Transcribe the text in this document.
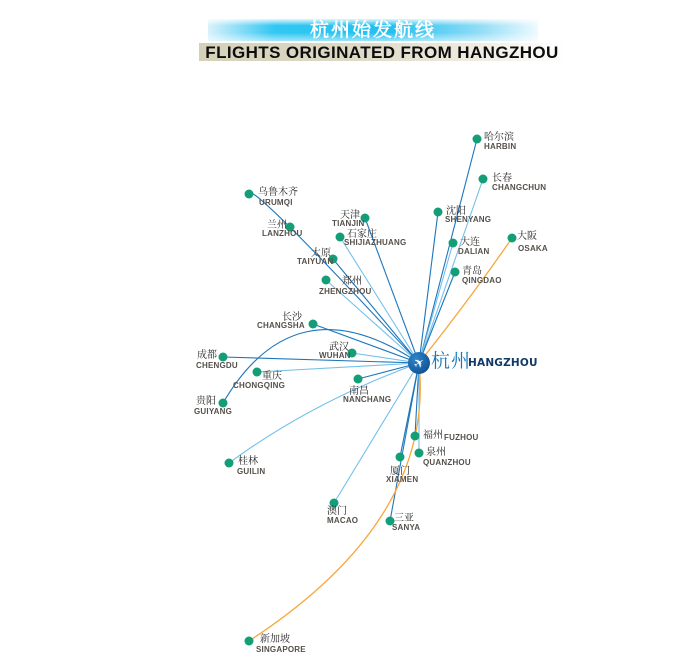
杭州始发航线
FLIGHTS ORIGINATED FROM HANGZHOU
✈
哈尔滨
HARBIN
长春
CHANGCHUN
沈阳
SHENYANG
大连
DALIAN
大阪
OSAKA
青岛
QINGDAO
乌鲁木齐
URUMQI
兰州
LANZHOU
天津
TIANJIN
石家庄
SHIJIAZHUANG
太原
TAIYUAN
郑州
ZHENGZHOU
长沙
CHANGSHA
武汉
WUHAN
成都
CHENGDU
重庆
CHONGQING
贵阳
GUIYANG
南昌
NANCHANG
桂林
GUILIN
福州 FUZHOU
泉州
QUANZHOU
厦门
XIAMEN
澳门
MACAO	三亚
SANYA
新加坡
SINGAPORE
杭州
HANGZHOU
